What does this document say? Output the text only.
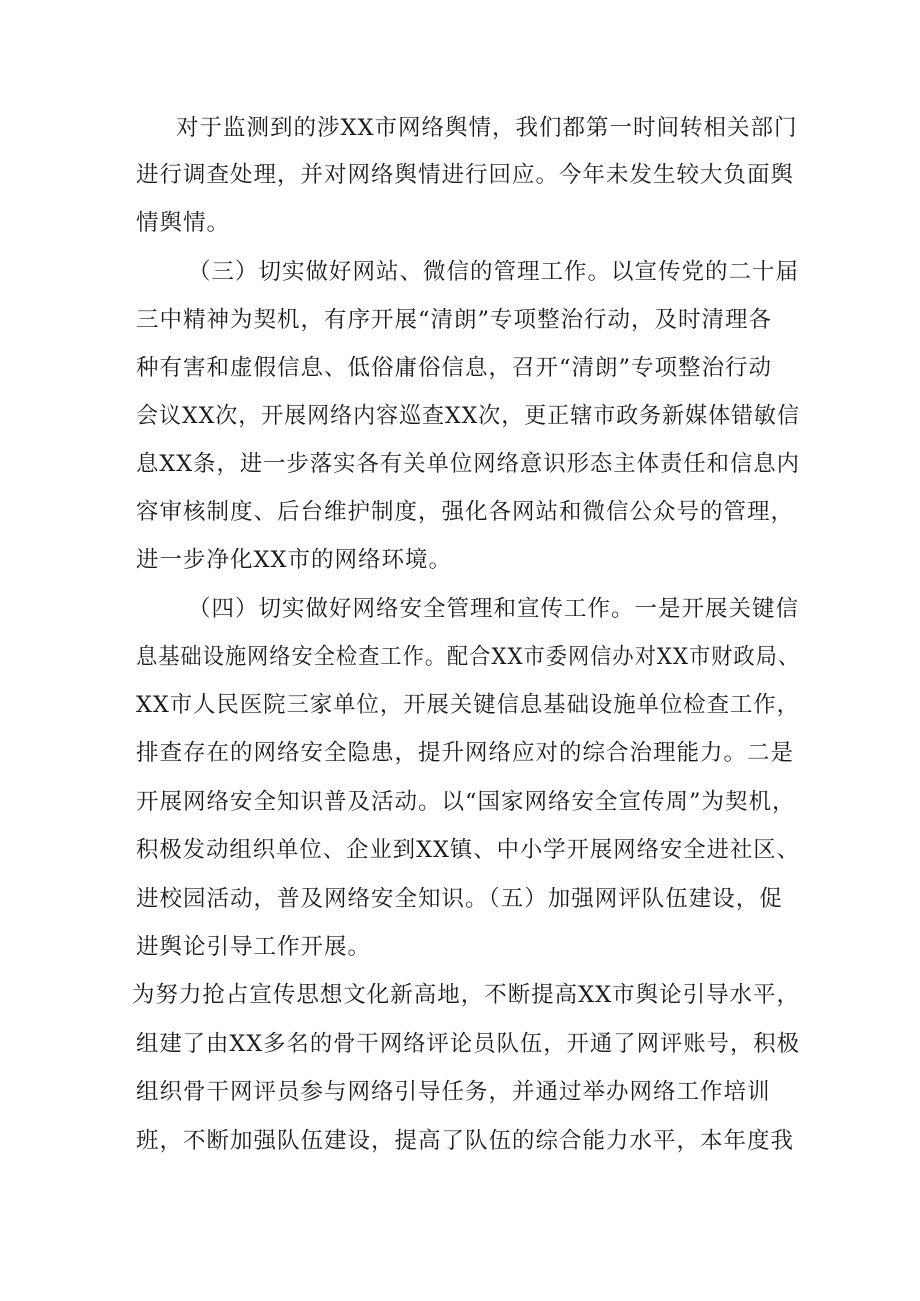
对于监测到的涉XX市网络舆情，我们都第一时间转相关部门
进行调查处理，并对网络舆情进行回应。今年未发生较大负面舆
情舆情。
（三）切实做好网站、微信的管理工作。以宣传党的二十届
三中精神为契机，有序开展“清朗”专项整治行动，及时清理各
种有害和虚假信息、低俗庸俗信息，召开“清朗”专项整治行动
会议XX次，开展网络内容巡查XX次，更正辖市政务新媒体错敏信
息XX条，进一步落实各有关单位网络意识形态主体责任和信息内
容审核制度、后台维护制度，强化各网站和微信公众号的管理，
进一步净化XX市的网络环境。
（四）切实做好网络安全管理和宣传工作。一是开展关键信
息基础设施网络安全检查工作。配合XX市委网信办对XX市财政局、
XX市人民医院三家单位，开展关键信息基础设施单位检查工作，
排查存在的网络安全隐患，提升网络应对的综合治理能力。二是
开展网络安全知识普及活动。以“国家网络安全宣传周”为契机，
积极发动组织单位、企业到XX镇、中小学开展网络安全进社区、
进校园活动，普及网络安全知识。（五）加强网评队伍建设，促
进舆论引导工作开展。
为努力抢占宣传思想文化新高地，不断提高XX市舆论引导水平，
组建了由XX多名的骨干网络评论员队伍，开通了网评账号，积极
组织骨干网评员参与网络引导任务，并通过举办网络工作培训
班，不断加强队伍建设，提高了队伍的综合能力水平，本年度我
